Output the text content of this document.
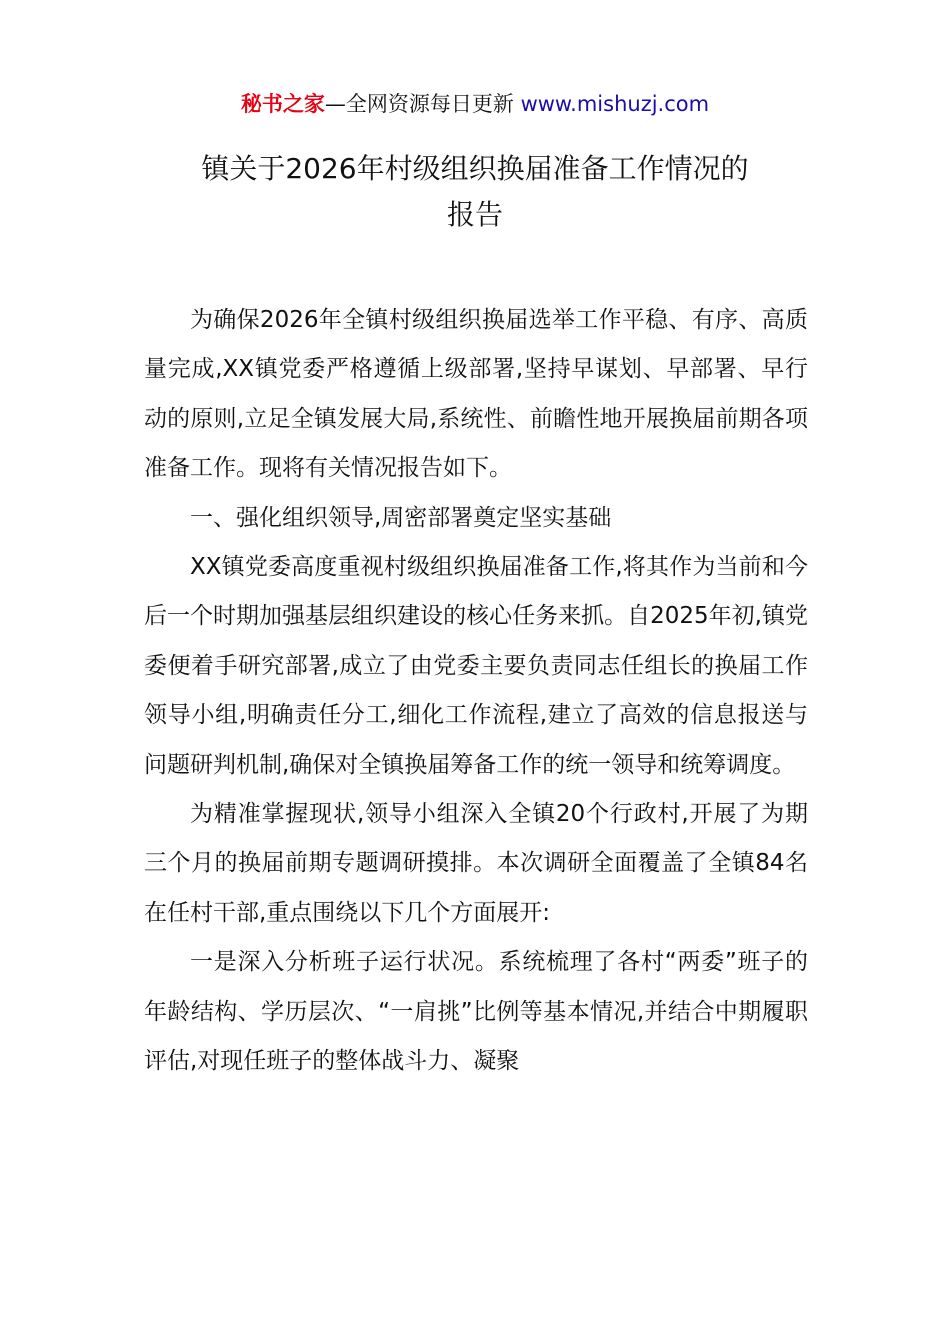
秘书之家—全网资源每日更新 www.mishuzj.com
镇关于2026年村级组织换届准备工作情况的
报告

为确保2026年全镇村级组织换届选举工作平稳、有序、高质量完成,XX镇党委严格遵循上级部署,坚持早谋划、早部署、早行动的原则,立足全镇发展大局,系统性、前瞻性地开展换届前期各项准备工作。现将有关情况报告如下。

一、强化组织领导,周密部署奠定坚实基础

XX镇党委高度重视村级组织换届准备工作,将其作为当前和今后一个时期加强基层组织建设的核心任务来抓。自2025年初,镇党委便着手研究部署,成立了由党委主要负责同志任组长的换届工作领导小组,明确责任分工,细化工作流程,建立了高效的信息报送与问题研判机制,确保对全镇换届筹备工作的统一领导和统筹调度。

为精准掌握现状,领导小组深入全镇20个行政村,开展了为期三个月的换届前期专题调研摸排。本次调研全面覆盖了全镇84名在任村干部,重点围绕以下几个方面展开:

一是深入分析班子运行状况。系统梳理了各村“两委”班子的年龄结构、学历层次、“一肩挑”比例等基本情况,并结合中期履职评估,对现任班子的整体战斗力、凝聚
